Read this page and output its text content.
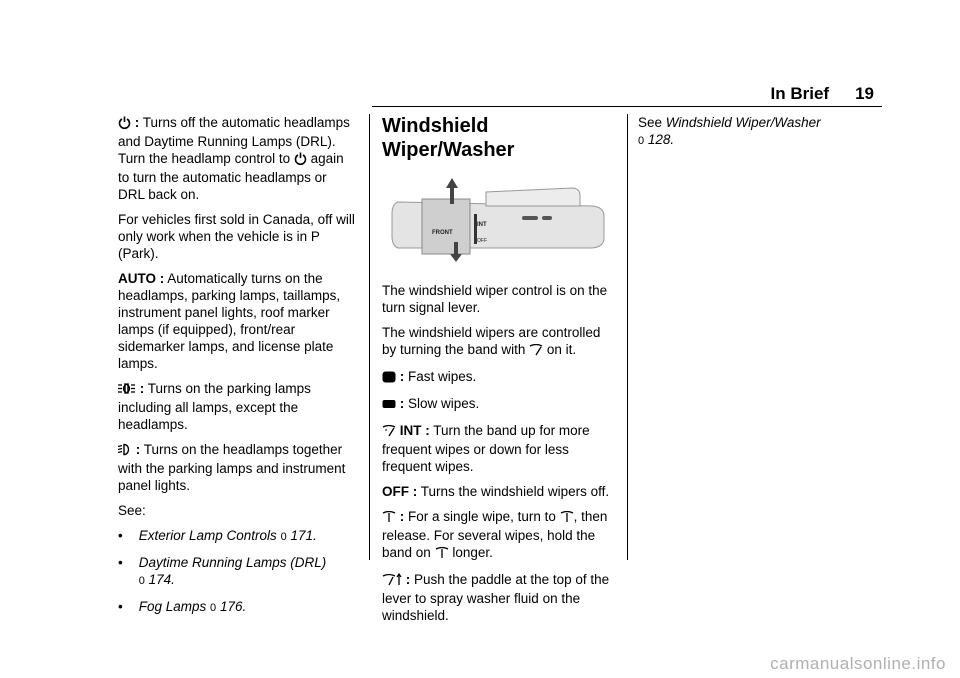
In Brief 19

: Turns off the automatic headlamps and Daytime Running Lamps (DRL). Turn the headlamp control to again to turn the automatic headlamps or DRL back on.

For vehicles first sold in Canada, off will only work when the vehicle is in P (Park).

AUTO : Automatically turns on the headlamps, parking lamps, taillamps, instrument panel lights, roof marker lamps (if equipped), front/rear sidemarker lamps, and license plate lamps.

: Turns on the parking lamps including all lamps, except the headlamps.

: Turns on the headlamps together with the parking lamps and instrument panel lights.

See:

• Exterior Lamp Controls 0 171.
• Daytime Running Lamps (DRL)
0 174.
• Fog Lamps 0 176.
Windshield Wiper/Washer
FRONT
INT
OFF

The windshield wiper control is on the turn signal lever.

The windshield wipers are controlled by turning the band with on it.

: Fast wipes.

: Slow wipes.

INT : Turn the band up for more frequent wipes or down for less frequent wipes.

OFF : Turns the windshield wipers off.

: For a single wipe, turn to , then release. For several wipes, hold the band on longer.

: Push the paddle at the top of the lever to spray washer fluid on the windshield.

See Windshield Wiper/Washer
0 128.

carmanualsonline.info
